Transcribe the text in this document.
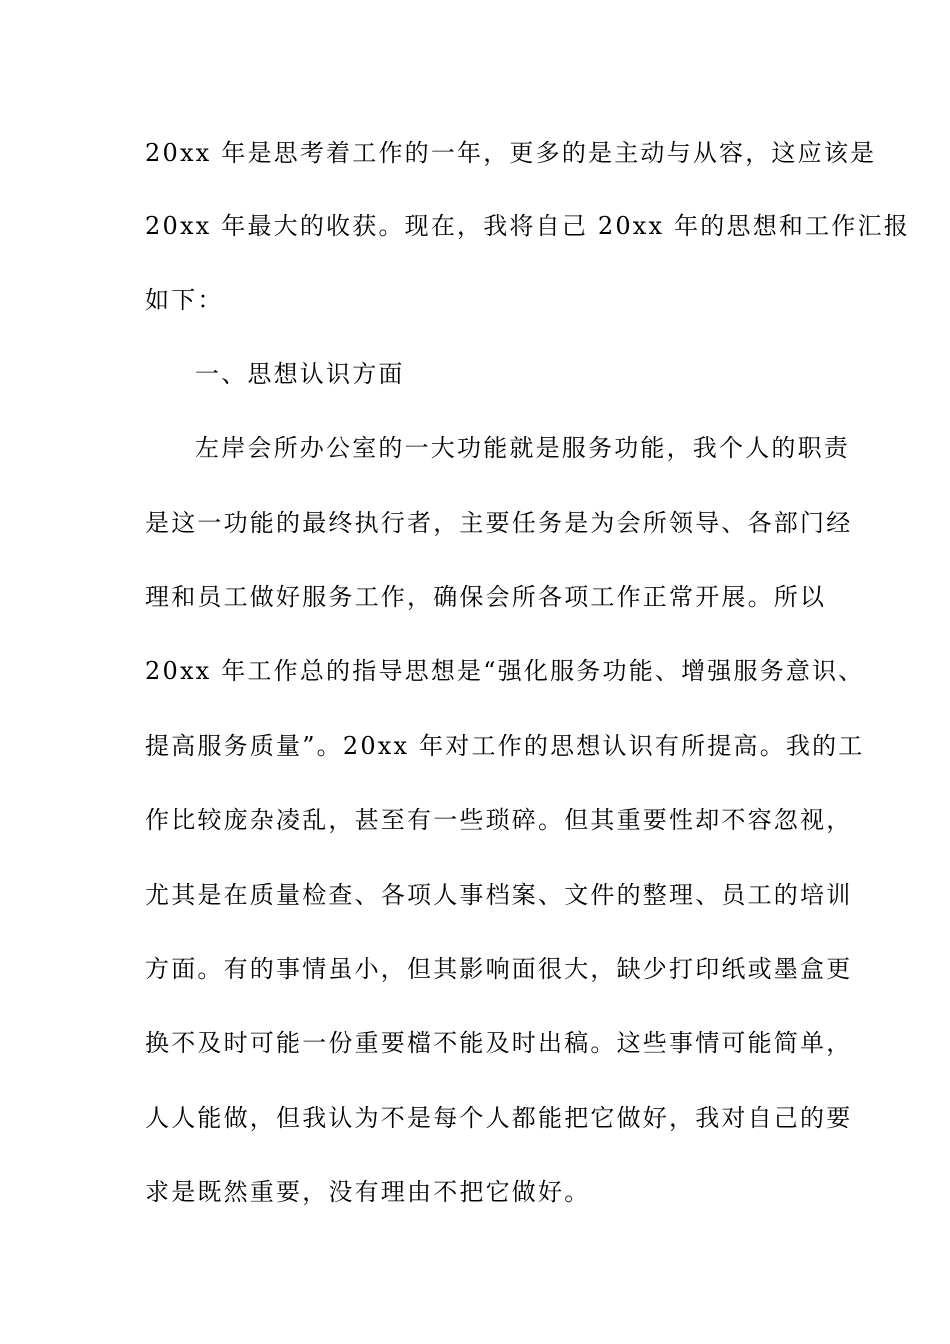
20xx 年是思考着工作的一年，更多的是主动与从容，这应该是
20xx 年最大的收获。现在，我将自己 20xx 年的思想和工作汇报
如下：
一、思想认识方面
左岸会所办公室的一大功能就是服务功能，我个人的职责
是这一功能的最终执行者，主要任务是为会所领导、各部门经
理和员工做好服务工作，确保会所各项工作正常开展。所以
20xx 年工作总的指导思想是“强化服务功能、增强服务意识、
提高服务质量”。20xx 年对工作的思想认识有所提高。我的工
作比较庞杂凌乱，甚至有一些琐碎。但其重要性却不容忽视，
尤其是在质量检查、各项人事档案、文件的整理、员工的培训
方面。有的事情虽小，但其影响面很大，缺少打印纸或墨盒更
换不及时可能一份重要檔不能及时出稿。这些事情可能简单，
人人能做，但我认为不是每个人都能把它做好，我对自己的要
求是既然重要，没有理由不把它做好。
